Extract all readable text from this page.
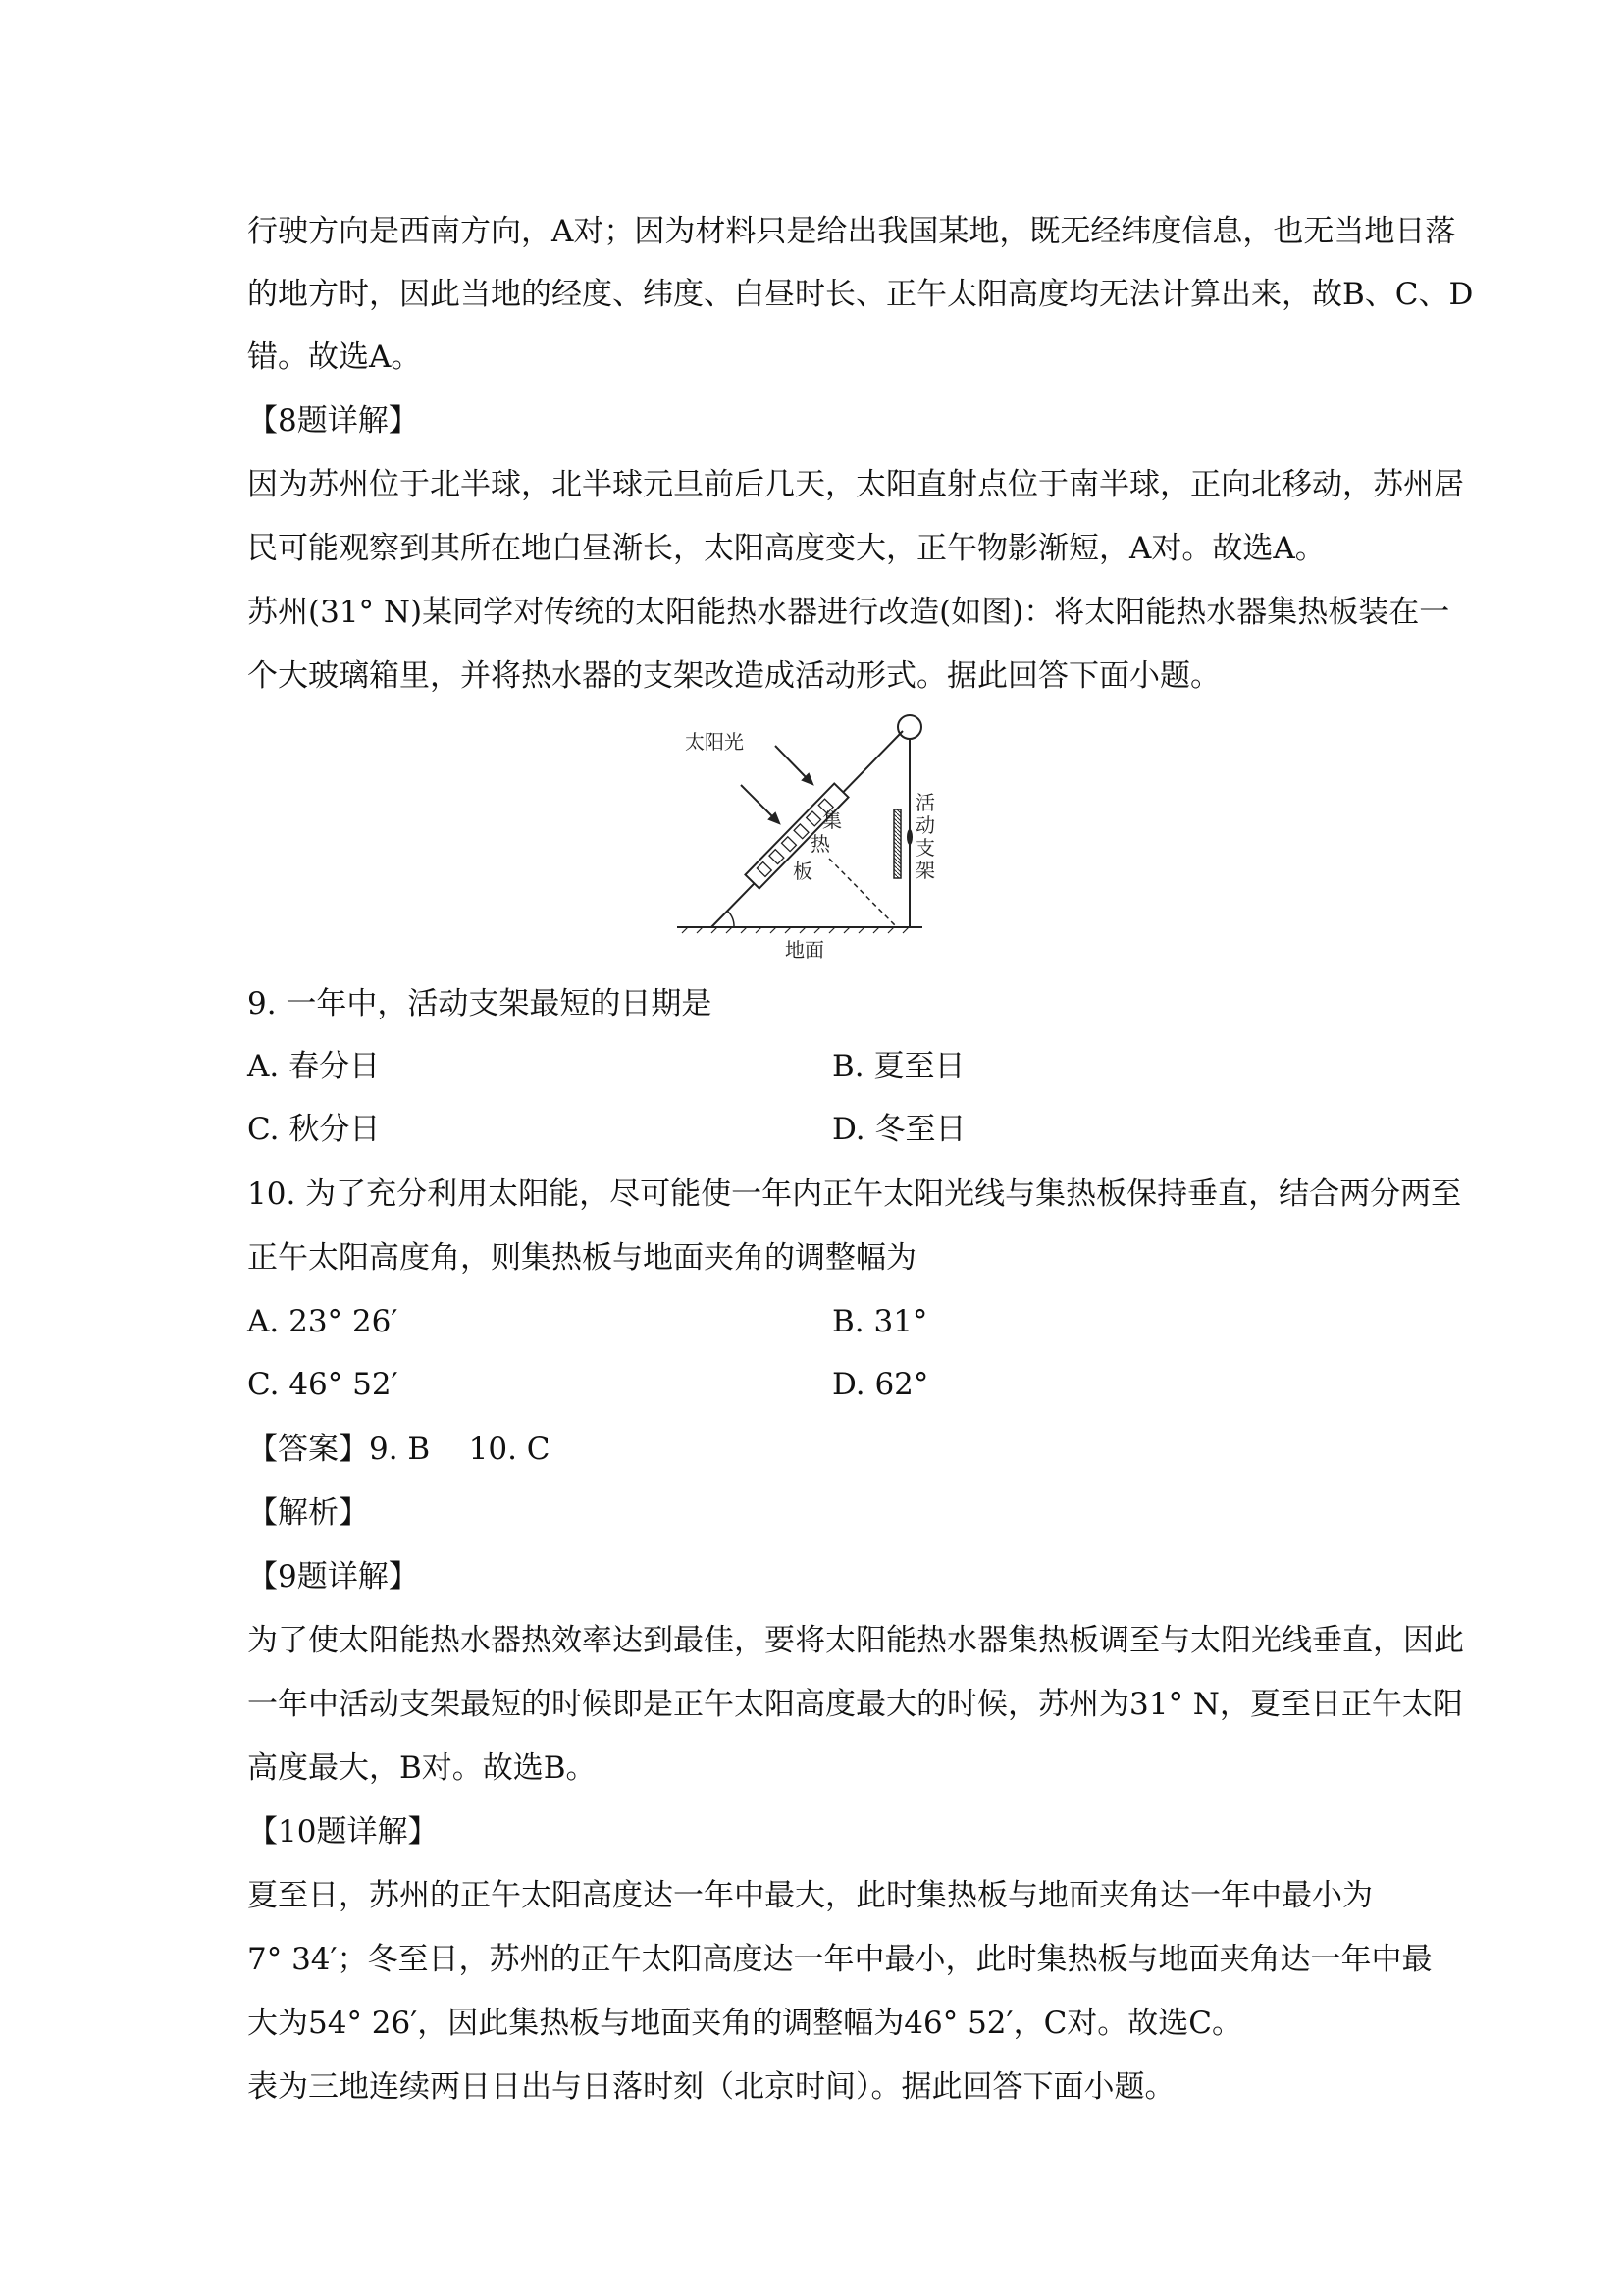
行驶方向是西南方向，A对；因为材料只是给出我国某地，既无经纬度信息，也无当地日落
的地方时，因此当地的经度、纬度、白昼时长、正午太阳高度均无法计算出来，故B、C、D
错。故选A。
【8题详解】
因为苏州位于北半球，北半球元旦前后几天，太阳直射点位于南半球，正向北移动，苏州居
民可能观察到其所在地白昼渐长，太阳高度变大，正午物影渐短，A对。故选A。
苏州(31° N)某同学对传统的太阳能热水器进行改造(如图)：将太阳能热水器集热板装在一
个大玻璃箱里，并将热水器的支架改造成活动形式。据此回答下面小题。
太阳光
集
热
板
活
动
支
架
地面
9. 一年中，活动支架最短的日期是
A. 春分日	B. 夏至日
C. 秋分日	D. 冬至日
10. 为了充分利用太阳能，尽可能使一年内正午太阳光线与集热板保持垂直，结合两分两至
正午太阳高度角，则集热板与地面夹角的调整幅为
A. 23° 26′	B. 31°
C. 46° 52′	D. 62°
【答案】9. B    10. C
【解析】
【9题详解】
为了使太阳能热水器热效率达到最佳，要将太阳能热水器集热板调至与太阳光线垂直，因此
一年中活动支架最短的时候即是正午太阳高度最大的时候，苏州为31° N，夏至日正午太阳
高度最大，B对。故选B。
【10题详解】
夏至日，苏州的正午太阳高度达一年中最大，此时集热板与地面夹角达一年中最小为
7° 34′；冬至日，苏州的正午太阳高度达一年中最小，此时集热板与地面夹角达一年中最
大为54° 26′，因此集热板与地面夹角的调整幅为46° 52′，C对。故选C。
表为三地连续两日日出与日落时刻（北京时间）。据此回答下面小题。
